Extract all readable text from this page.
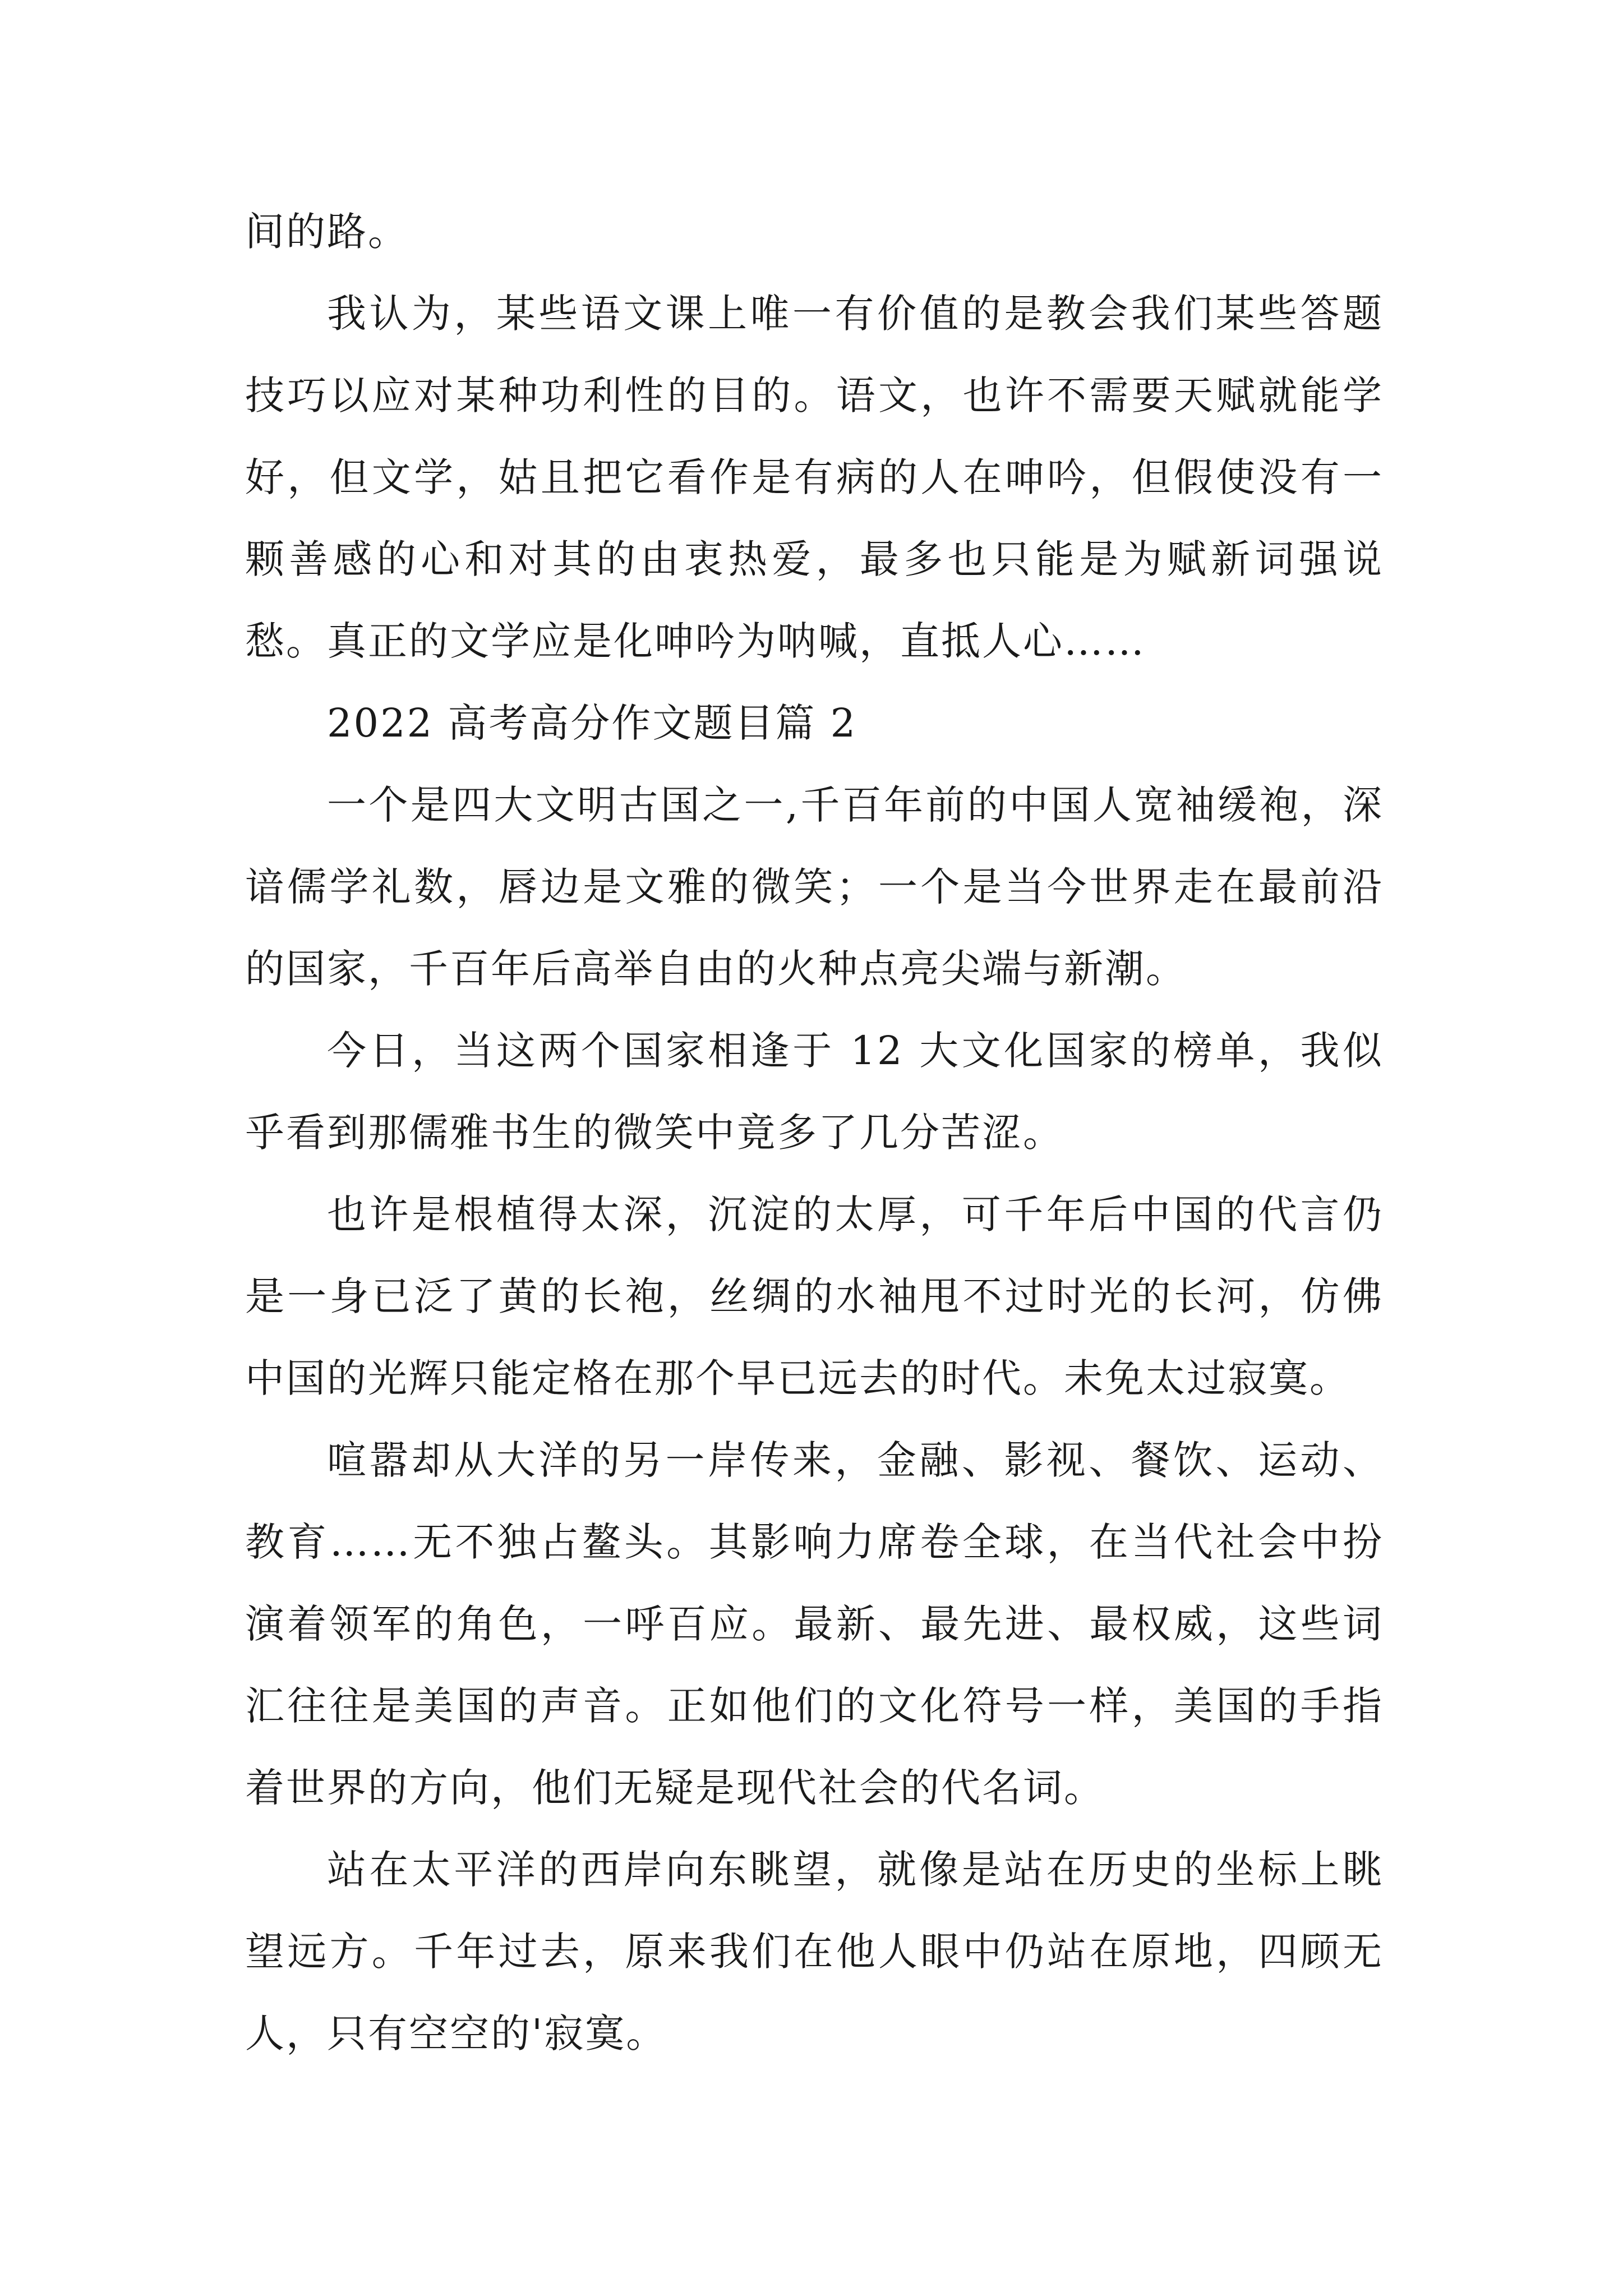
间的路。

我认为，某些语文课上唯一有价值的是教会我们某些答题技巧以应对某种功利性的目的。语文，也许不需要天赋就能学好，但文学，姑且把它看作是有病的人在呻吟，但假使没有一颗善感的心和对其的由衷热爱，最多也只能是为赋新词强说愁。真正的文学应是化呻吟为呐喊，直抵人心……

2022 高考高分作文题目篇 2

一个是四大文明古国之一,千百年前的中国人宽袖缓袍，深谙儒学礼数，唇边是文雅的微笑；一个是当今世界走在最前沿的国家，千百年后高举自由的火种点亮尖端与新潮。

今日，当这两个国家相逢于 12 大文化国家的榜单，我似乎看到那儒雅书生的微笑中竟多了几分苦涩。

也许是根植得太深，沉淀的太厚，可千年后中国的代言仍是一身已泛了黄的长袍，丝绸的水袖甩不过时光的长河，仿佛中国的光辉只能定格在那个早已远去的时代。未免太过寂寞。

喧嚣却从大洋的另一岸传来，金融、影视、餐饮、运动、教育……无不独占鳌头。其影响力席卷全球，在当代社会中扮演着领军的角色，一呼百应。最新、最先进、最权威，这些词汇往往是美国的声音。正如他们的文化符号一样，美国的手指着世界的方向，他们无疑是现代社会的代名词。

站在太平洋的西岸向东眺望，就像是站在历史的坐标上眺望远方。千年过去，原来我们在他人眼中仍站在原地，四顾无人，只有空空的'寂寞。
